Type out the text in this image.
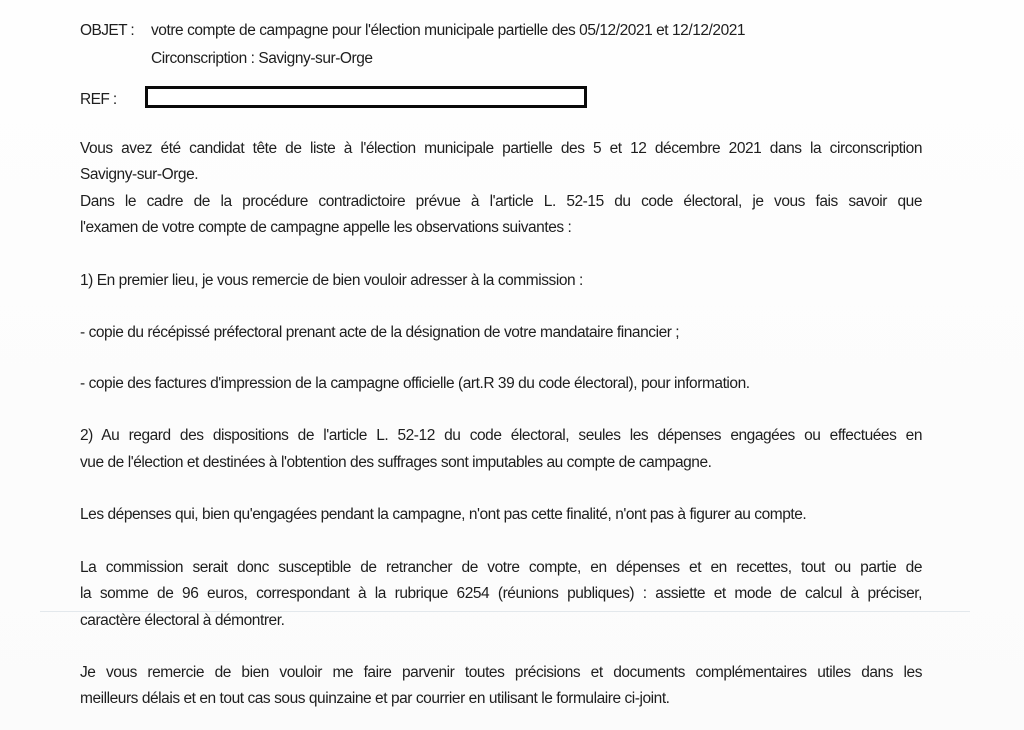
OBJET : votre compte de campagne pour l'élection municipale partielle des 05/12/2021 et 12/12/2021
Circonscription : Savigny-sur-Orge
REF :
Vous avez été candidat tête de liste à l'élection municipale partielle des 5 et 12 décembre 2021 dans la circonscription
Savigny-sur-Orge.
Dans le cadre de la procédure contradictoire prévue à l'article L. 52-15 du code électoral, je vous fais savoir que
l'examen de votre compte de campagne appelle les observations suivantes :
1) En premier lieu, je vous remercie de bien vouloir adresser à la commission :
- copie du récépissé préfectoral prenant acte de la désignation de votre mandataire financier ;
- copie des factures d'impression de la campagne officielle (art.R 39 du code électoral), pour information.
2) Au regard des dispositions de l'article L. 52-12 du code électoral, seules les dépenses engagées ou effectuées en
vue de l'élection et destinées à l'obtention des suffrages sont imputables au compte de campagne.
Les dépenses qui, bien qu'engagées pendant la campagne, n'ont pas cette finalité, n'ont pas à figurer au compte.
La commission serait donc susceptible de retrancher de votre compte, en dépenses et en recettes, tout ou partie de
la somme de 96 euros, correspondant à la rubrique 6254 (réunions publiques) : assiette et mode de calcul à préciser,
caractère électoral à démontrer.
Je vous remercie de bien vouloir me faire parvenir toutes précisions et documents complémentaires utiles dans les
meilleurs délais et en tout cas sous quinzaine et par courrier en utilisant le formulaire ci-joint.
